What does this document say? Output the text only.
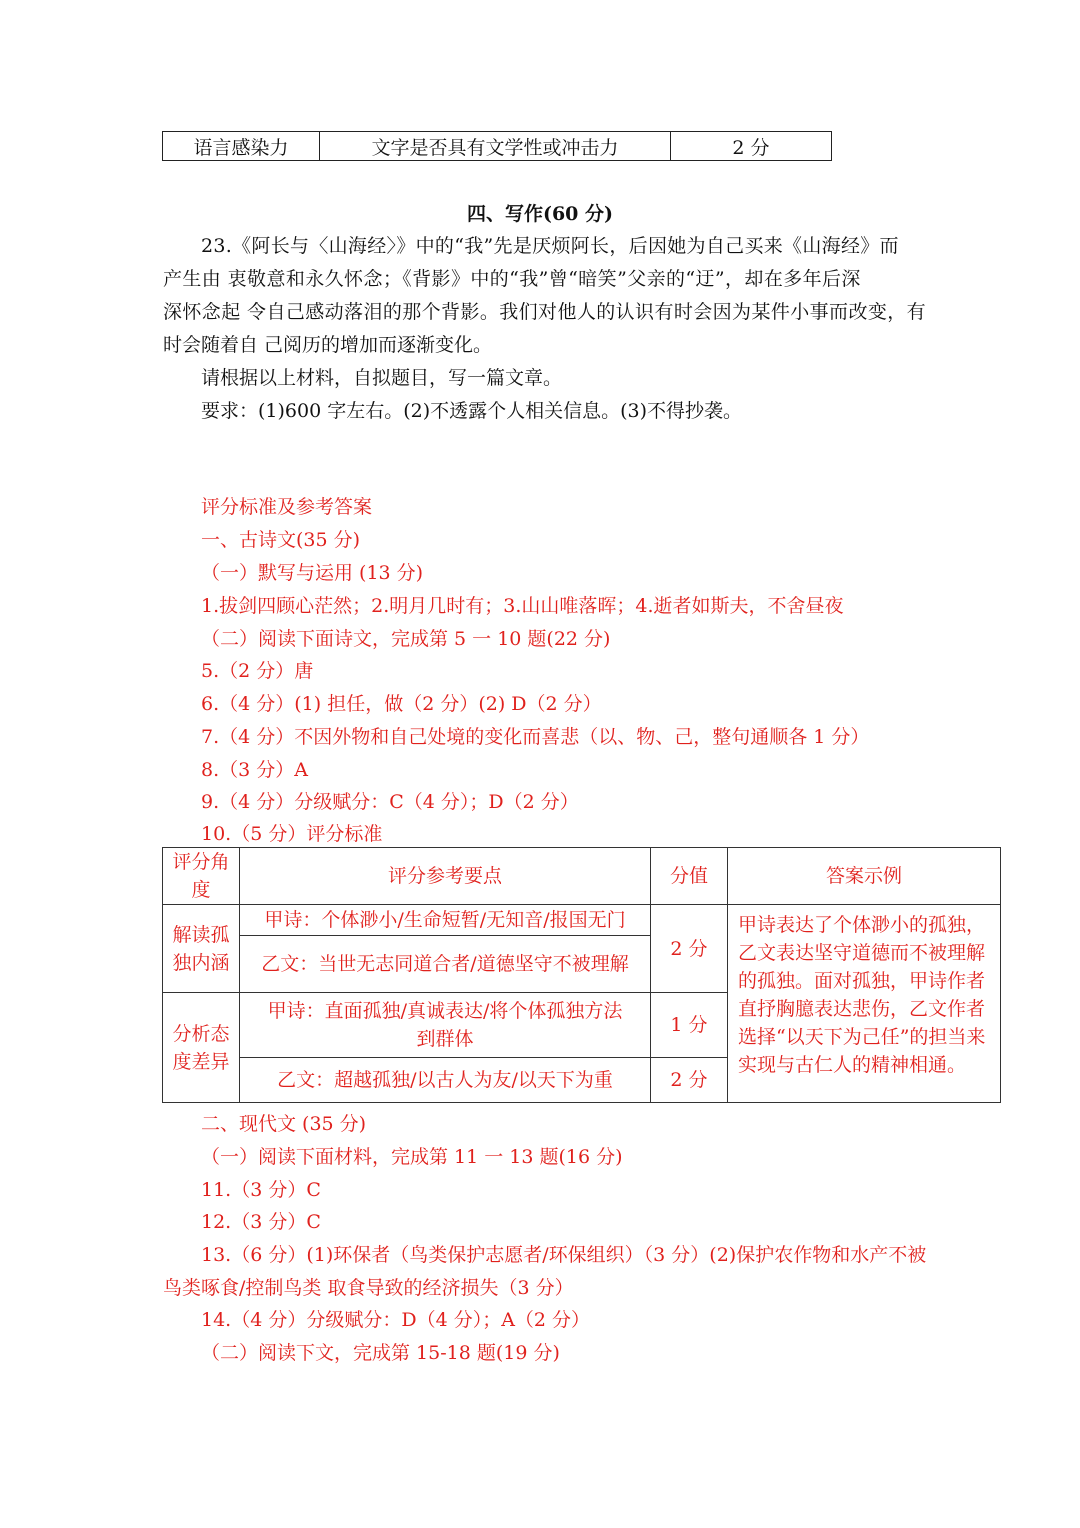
语言感染力	文字是否具有文学性或冲击力	2 分
四、写作(60 分)
23.《阿长与〈山海经〉》中的“我”先是厌烦阿长，后因她为自己买来《山海经》而
产生由 衷敬意和永久怀念；《背影》中的“我”曾“暗笑”父亲的“迂”，却在多年后深
深怀念起 令自己感动落泪的那个背影。我们对他人的认识有时会因为某件小事而改变，有
时会随着自 己阅历的增加而逐渐变化。
请根据以上材料，自拟题目，写一篇文章。
要求：(1)600 字左右。(2)不透露个人相关信息。(3)不得抄袭。
评分标准及参考答案
一、古诗文(35 分)
（一）默写与运用 (13 分)
1.拔剑四顾心茫然；2.明月几时有；3.山山唯落晖；4.逝者如斯夫，不舍昼夜
（二）阅读下面诗文，完成第 5 一 10 题(22 分)
5.（2 分）唐
6.（4 分）(1) 担任，做（2 分）(2) D（2 分）
7.（4 分）不因外物和自己处境的变化而喜悲（以、物、己，整句通顺各 1 分）
8.（3 分）A
9.（4 分）分级赋分：C（4 分）；D（2 分）
10.（5 分）评分标准
评分角度	评分参考要点	分值	答案示例
解读孤独内涵	甲诗：个体渺小/生命短暂/无知音/报国无门	2 分	甲诗表达了个体渺小的孤独，乙文表达坚守道德而不被理解的孤独。面对孤独，甲诗作者直抒胸臆表达悲伤，乙文作者选择“以天下为己任”的担当来实现与古仁人的精神相通。
	乙文：当世无志同道合者/道德坚守不被理解		
分析态度差异	甲诗：直面孤独/真诚表达/将个体孤独方法到群体	1 分	
	乙文：超越孤独/以古人为友/以天下为重	2 分	
二、现代文 (35 分)
（一）阅读下面材料，完成第 11 一 13 题(16 分)
11.（3 分）C
12.（3 分）C
13.（6 分）(1)环保者（鸟类保护志愿者/环保组织）（3 分）(2)保护农作物和水产不被
鸟类啄食/控制鸟类 取食导致的经济损失（3 分）
14.（4 分）分级赋分：D（4 分）；A（2 分）
（二）阅读下文，完成第 15-18 题(19 分)
